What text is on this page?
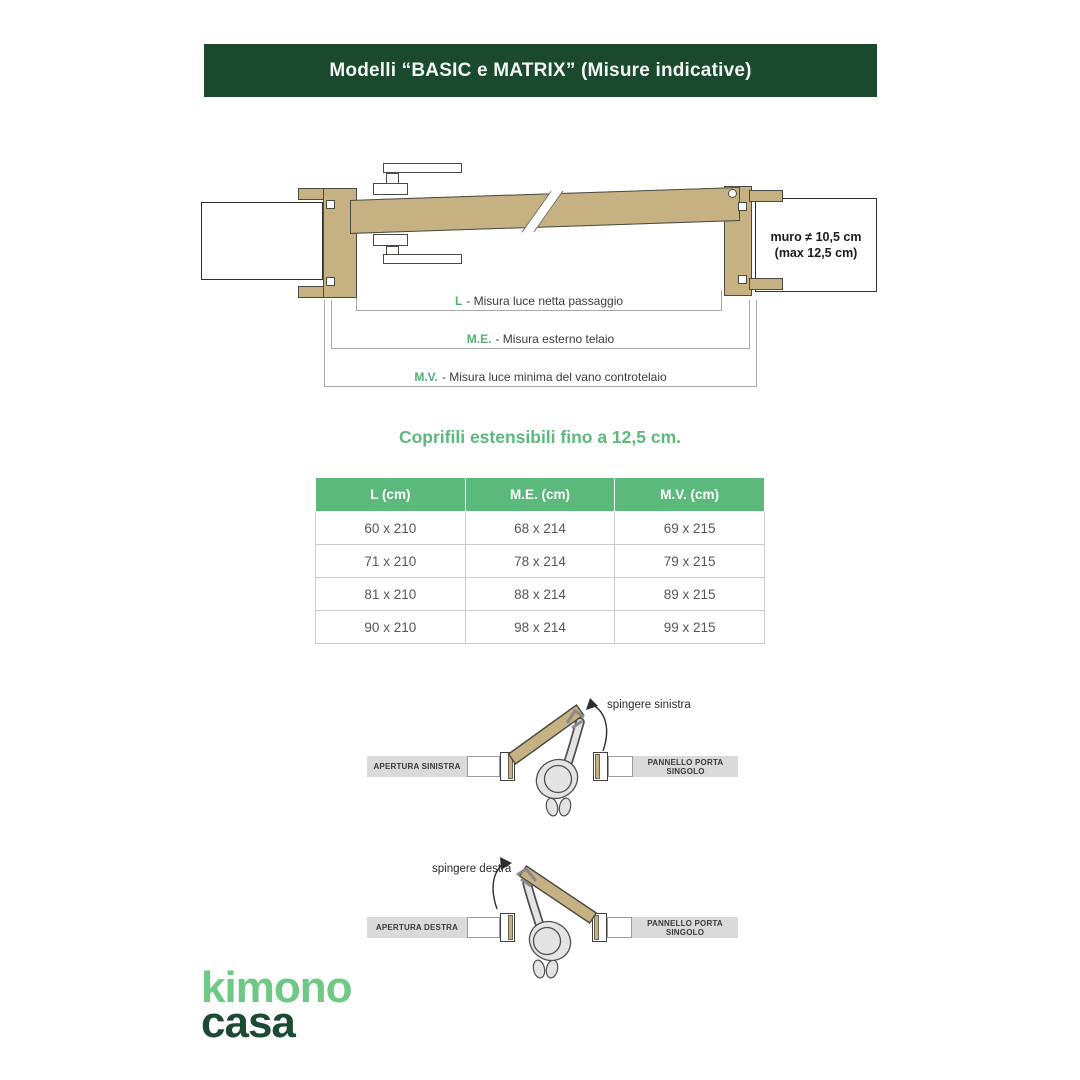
Modelli “BASIC e MATRIX” (Misure indicative)
M.V. - Misura luce minima del vano controtelaio
M.E. - Misura esterno telaio
L - Misura luce netta passaggio
muro ≠ 10,5 cm
(max 12,5 cm)
Coprifili estensibili fino a 12,5 cm.
L (cm)	M.E. (cm)	M.V. (cm)
60 x 210	68 x 214	69 x 215
71 x 210	78 x 214	79 x 215
81 x 210	88 x 214	89 x 215
90 x 210	98 x 214	99 x 215
spingere sinistra
APERTURA SINISTRA	PANNELLO PORTA SINGOLO
spingere destra
APERTURA DESTRA	PANNELLO PORTA SINGOLO
kimono
casa
